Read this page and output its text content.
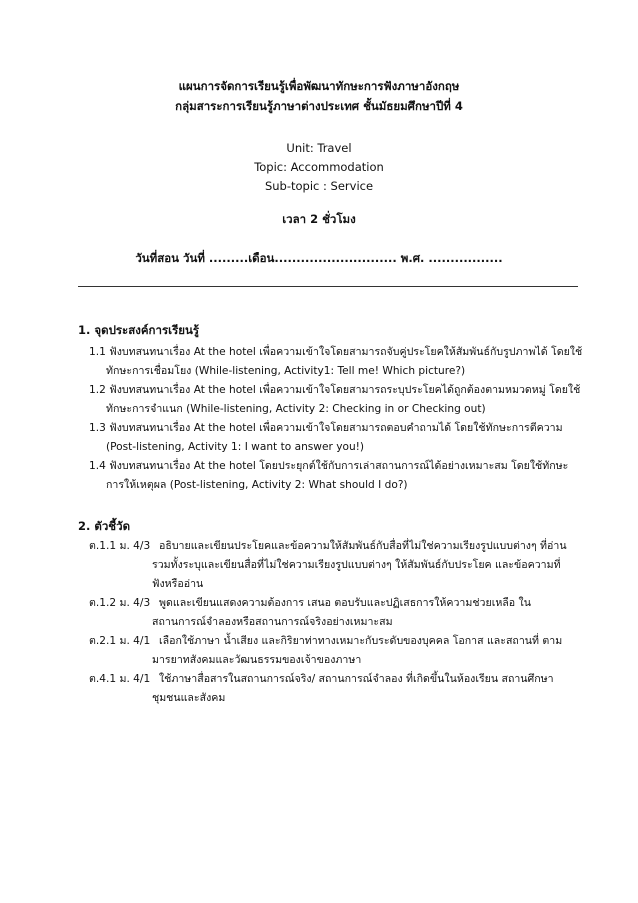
แผนการจัดการเรียนรู้เพื่อพัฒนาทักษะการฟังภาษาอังกฤษ
กลุ่มสาระการเรียนรู้ภาษาต่างประเทศ ชั้นมัธยมศึกษาปีที่ 4
Unit: Travel
Topic: Accommodation
Sub-topic : Service
เวลา 2 ชั่วโมง
วันที่สอน วันที่ .........เดือน............................ พ.ศ. .................
1. จุดประสงค์การเรียนรู้
1.1 ฟังบทสนทนาเรื่อง At the hotel เพื่อความเข้าใจโดยสามารถจับคู่ประโยคให้สัมพันธ์กับรูปภาพได้ โดยใช้
ทักษะการเชื่อมโยง (While-listening, Activity1: Tell me! Which picture?)
1.2 ฟังบทสนทนาเรื่อง At the hotel เพื่อความเข้าใจโดยสามารถระบุประโยคได้ถูกต้องตามหมวดหมู่ โดยใช้
ทักษะการจำแนก (While-listening, Activity 2: Checking in or Checking out)
1.3 ฟังบทสนทนาเรื่อง At the hotel เพื่อความเข้าใจโดยสามารถตอบคำถามได้ โดยใช้ทักษะการตีความ
(Post-listening, Activity 1: I want to answer you!)
1.4 ฟังบทสนทนาเรื่อง At the hotel โดยประยุกต์ใช้กับการเล่าสถานการณ์ได้อย่างเหมาะสม โดยใช้ทักษะ
การให้เหตุผล (Post-listening, Activity 2: What should I do?)
2. ตัวชี้วัด
ต.1.1 ม. 4/3 อธิบายและเขียนประโยคและข้อความให้สัมพันธ์กับสื่อที่ไม่ใช่ความเรียงรูปแบบต่างๆ ที่อ่าน
รวมทั้งระบุและเขียนสื่อที่ไม่ใช่ความเรียงรูปแบบต่างๆ ให้สัมพันธ์กับประโยค และข้อความที่
ฟังหรืออ่าน
ต.1.2 ม. 4/3 พูดและเขียนแสดงความต้องการ เสนอ ตอบรับและปฏิเสธการให้ความช่วยเหลือ ใน
สถานการณ์จำลองหรือสถานการณ์จริงอย่างเหมาะสม
ต.2.1 ม. 4/1 เลือกใช้ภาษา น้ำเสียง และกิริยาท่าทางเหมาะกับระดับของบุคคล โอกาส และสถานที่ ตาม
มารยาทสังคมและวัฒนธรรมของเจ้าของภาษา
ต.4.1 ม. 4/1 ใช้ภาษาสื่อสารในสถานการณ์จริง/ สถานการณ์จำลอง ที่เกิดขึ้นในห้องเรียน สถานศึกษา
ชุมชนและสังคม
